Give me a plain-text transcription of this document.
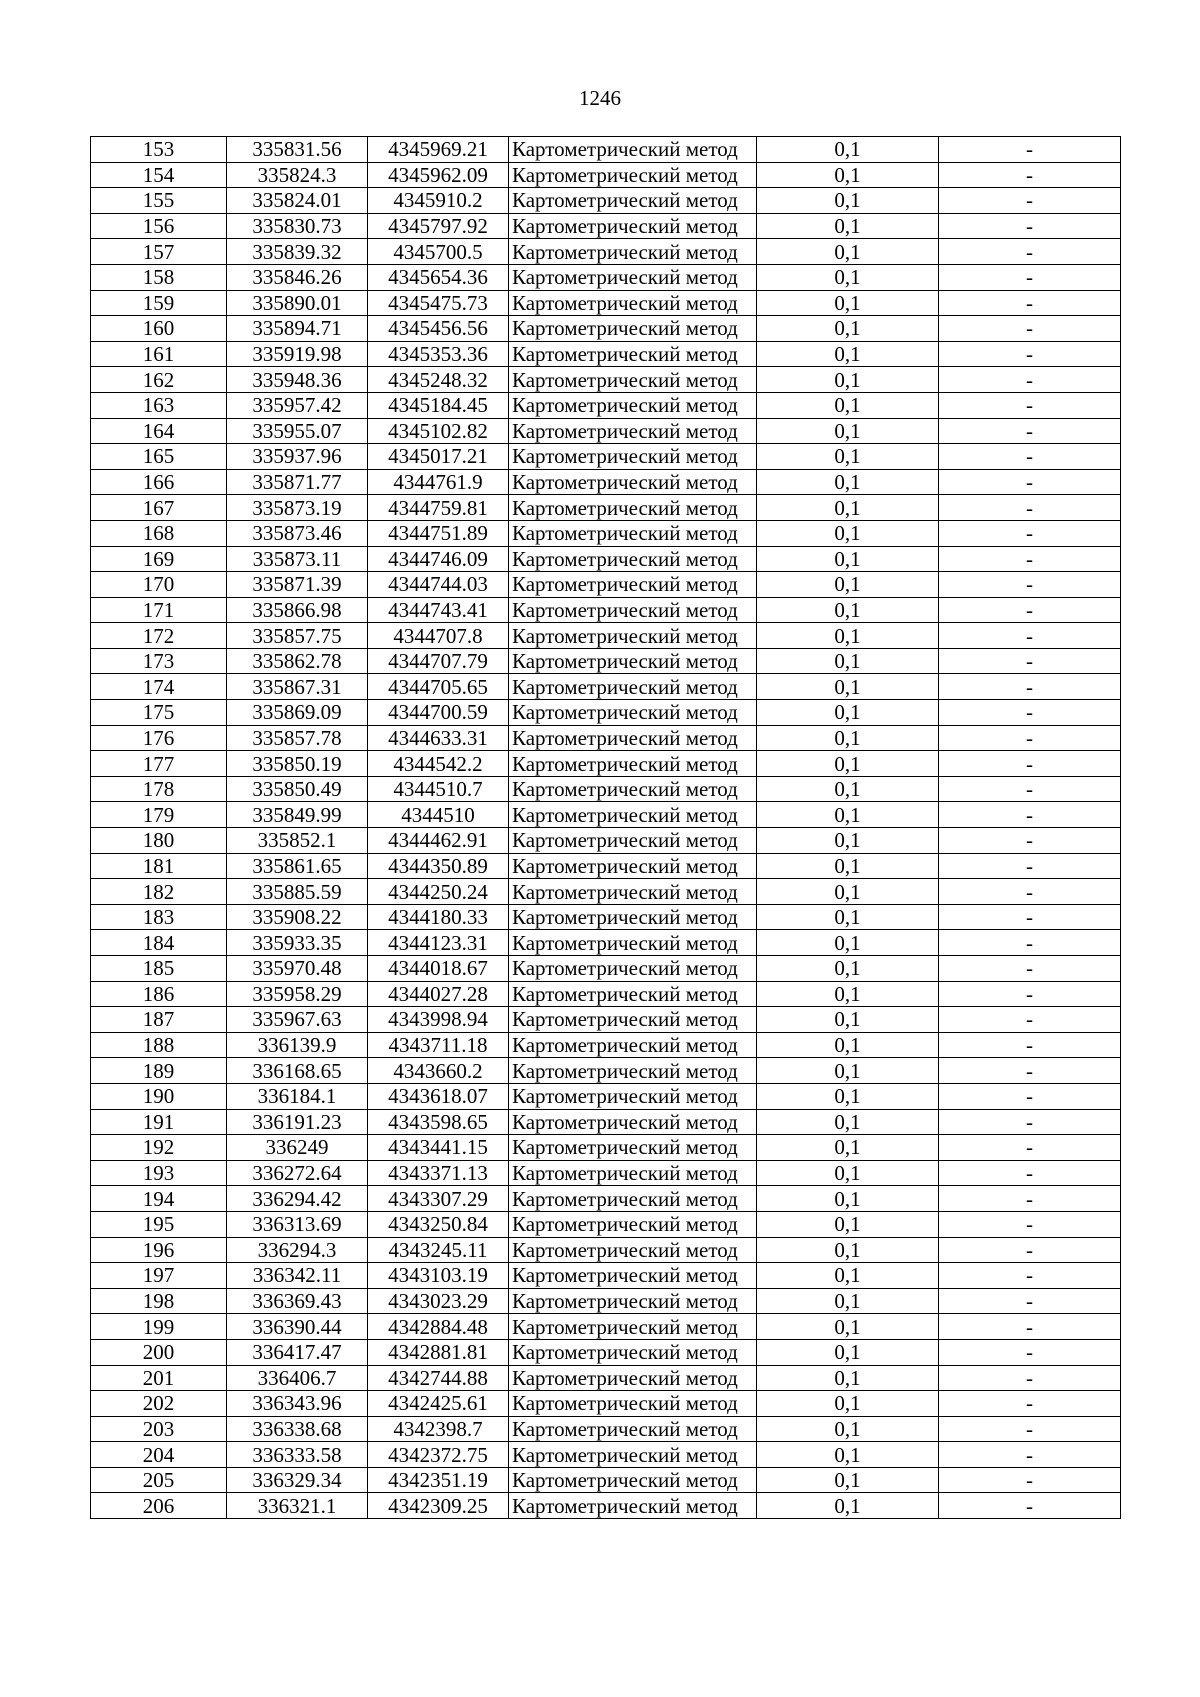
1246
153	335831.56	4345969.21	Картометрический метод	0,1	-
154	335824.3	4345962.09	Картометрический метод	0,1	-
155	335824.01	4345910.2	Картометрический метод	0,1	-
156	335830.73	4345797.92	Картометрический метод	0,1	-
157	335839.32	4345700.5	Картометрический метод	0,1	-
158	335846.26	4345654.36	Картометрический метод	0,1	-
159	335890.01	4345475.73	Картометрический метод	0,1	-
160	335894.71	4345456.56	Картометрический метод	0,1	-
161	335919.98	4345353.36	Картометрический метод	0,1	-
162	335948.36	4345248.32	Картометрический метод	0,1	-
163	335957.42	4345184.45	Картометрический метод	0,1	-
164	335955.07	4345102.82	Картометрический метод	0,1	-
165	335937.96	4345017.21	Картометрический метод	0,1	-
166	335871.77	4344761.9	Картометрический метод	0,1	-
167	335873.19	4344759.81	Картометрический метод	0,1	-
168	335873.46	4344751.89	Картометрический метод	0,1	-
169	335873.11	4344746.09	Картометрический метод	0,1	-
170	335871.39	4344744.03	Картометрический метод	0,1	-
171	335866.98	4344743.41	Картометрический метод	0,1	-
172	335857.75	4344707.8	Картометрический метод	0,1	-
173	335862.78	4344707.79	Картометрический метод	0,1	-
174	335867.31	4344705.65	Картометрический метод	0,1	-
175	335869.09	4344700.59	Картометрический метод	0,1	-
176	335857.78	4344633.31	Картометрический метод	0,1	-
177	335850.19	4344542.2	Картометрический метод	0,1	-
178	335850.49	4344510.7	Картометрический метод	0,1	-
179	335849.99	4344510	Картометрический метод	0,1	-
180	335852.1	4344462.91	Картометрический метод	0,1	-
181	335861.65	4344350.89	Картометрический метод	0,1	-
182	335885.59	4344250.24	Картометрический метод	0,1	-
183	335908.22	4344180.33	Картометрический метод	0,1	-
184	335933.35	4344123.31	Картометрический метод	0,1	-
185	335970.48	4344018.67	Картометрический метод	0,1	-
186	335958.29	4344027.28	Картометрический метод	0,1	-
187	335967.63	4343998.94	Картометрический метод	0,1	-
188	336139.9	4343711.18	Картометрический метод	0,1	-
189	336168.65	4343660.2	Картометрический метод	0,1	-
190	336184.1	4343618.07	Картометрический метод	0,1	-
191	336191.23	4343598.65	Картометрический метод	0,1	-
192	336249	4343441.15	Картометрический метод	0,1	-
193	336272.64	4343371.13	Картометрический метод	0,1	-
194	336294.42	4343307.29	Картометрический метод	0,1	-
195	336313.69	4343250.84	Картометрический метод	0,1	-
196	336294.3	4343245.11	Картометрический метод	0,1	-
197	336342.11	4343103.19	Картометрический метод	0,1	-
198	336369.43	4343023.29	Картометрический метод	0,1	-
199	336390.44	4342884.48	Картометрический метод	0,1	-
200	336417.47	4342881.81	Картометрический метод	0,1	-
201	336406.7	4342744.88	Картометрический метод	0,1	-
202	336343.96	4342425.61	Картометрический метод	0,1	-
203	336338.68	4342398.7	Картометрический метод	0,1	-
204	336333.58	4342372.75	Картометрический метод	0,1	-
205	336329.34	4342351.19	Картометрический метод	0,1	-
206	336321.1	4342309.25	Картометрический метод	0,1	-
